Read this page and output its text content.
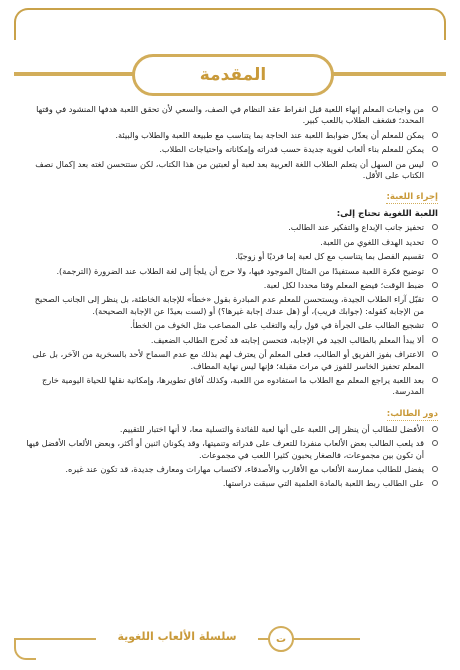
المقدمة
من واجبات المعلم إنهاء اللعبة قبل انفراط عقد النظام في الصف، والسعي لأن تحقق اللعبة هدفها المنشود في وقتها المحدد؛ فشغف الطلاب باللعب كبير.
يمكن للمعلم أن يعدّل ضوابط اللعبة عند الحاجة بما يتناسب مع طبيعة اللعبة والطلاب والبيئة.
يمكن للمعلم بناء ألعاب لغوية جديدة حسب قدراته وإمكاناته واحتياجات الطلاب.
ليس من السهل أن يتعلم الطلاب اللغة العربية بعد لعبة أو لعبتين من هذا الكتاب، لكن ستتحسن لغته بعد إكمال نصف الكتاب على الأقل.
إجراء اللعبة:
اللعبة اللغوية تحتاج إلى:
تحفيز جانب الإبداع والتفكير عند الطالب.
تحديد الهدف اللغوي من اللعبة.
تقسيم الفصل بما يتناسب مع كل لعبة إما فرديًا أو زوجيًا.
توضيح فكرة اللعبة مستفيدًا من المثال الموجود فيها، ولا حرج أن يلجأ إلى لغة الطلاب عند الضرورة (الترجمة).
ضبط الوقت؛ فيضع المعلم وقتا محددا لكل لعبة.
تقبّل آراء الطلاب الجيدة، ويستحسن للمعلم عدم المبادرة بقول «خطأ» للإجابة الخاطئة، بل ينظر إلى الجانب الصحيح من الإجابة كقوله: (جوابك قريب)، أو (هل عندك إجابة غيرها؟) أو (لست بعيدًا عن الإجابة الصحيحة).
تشجيع الطالب على الجرأة في قول رأيه والتغلب على المصاعب مثل الخوف من الخطأ.
ألا يبدأ المعلم بالطالب الجيد في الإجابة، فتحسن إجابته قد تُحرج الطالب الضعيف.
الاعتراف بفوز الفريق أو الطالب، فعلى المعلم أن يعترف لهم بذلك مع عدم السماح لأحد بالسخرية من الآخر، بل على المعلم تحفيز الخاسر للفوز في مرات مقبلة؛ فإنها ليس نهاية المطاف.
بعد اللعبة يراجع المعلم مع الطلاب ما استفادوه من اللعبة، وكذلك آفاق تطويرها، وإمكانية نقلها للحياة اليومية خارج المدرسة.
دور الطالب:
الأفضل للطالب أن ينظر إلى اللعبة على أنها لعبة للفائدة والتسلية معا، لا أنها اختبار للتقييم.
قد يلعب الطالب بعض الألعاب منفردا للتعرف على قدراته وتنميتها، وقد يكونان اثنين أو أكثر، وبعض الألعاب الأفضل فيها أن تكون بين مجموعات، فالصغار يحبون كثيرا اللعب في مجموعات.
يفضل للطالب ممارسة الألعاب مع الأقارب والأصدقاء، لاكتساب مهارات ومعارف جديدة، قد تكون عند غيره.
على الطالب ربط اللعبة بالمادة العلمية التي سبقت دراستها.
سلسلة الألعاب اللغوية	ت
